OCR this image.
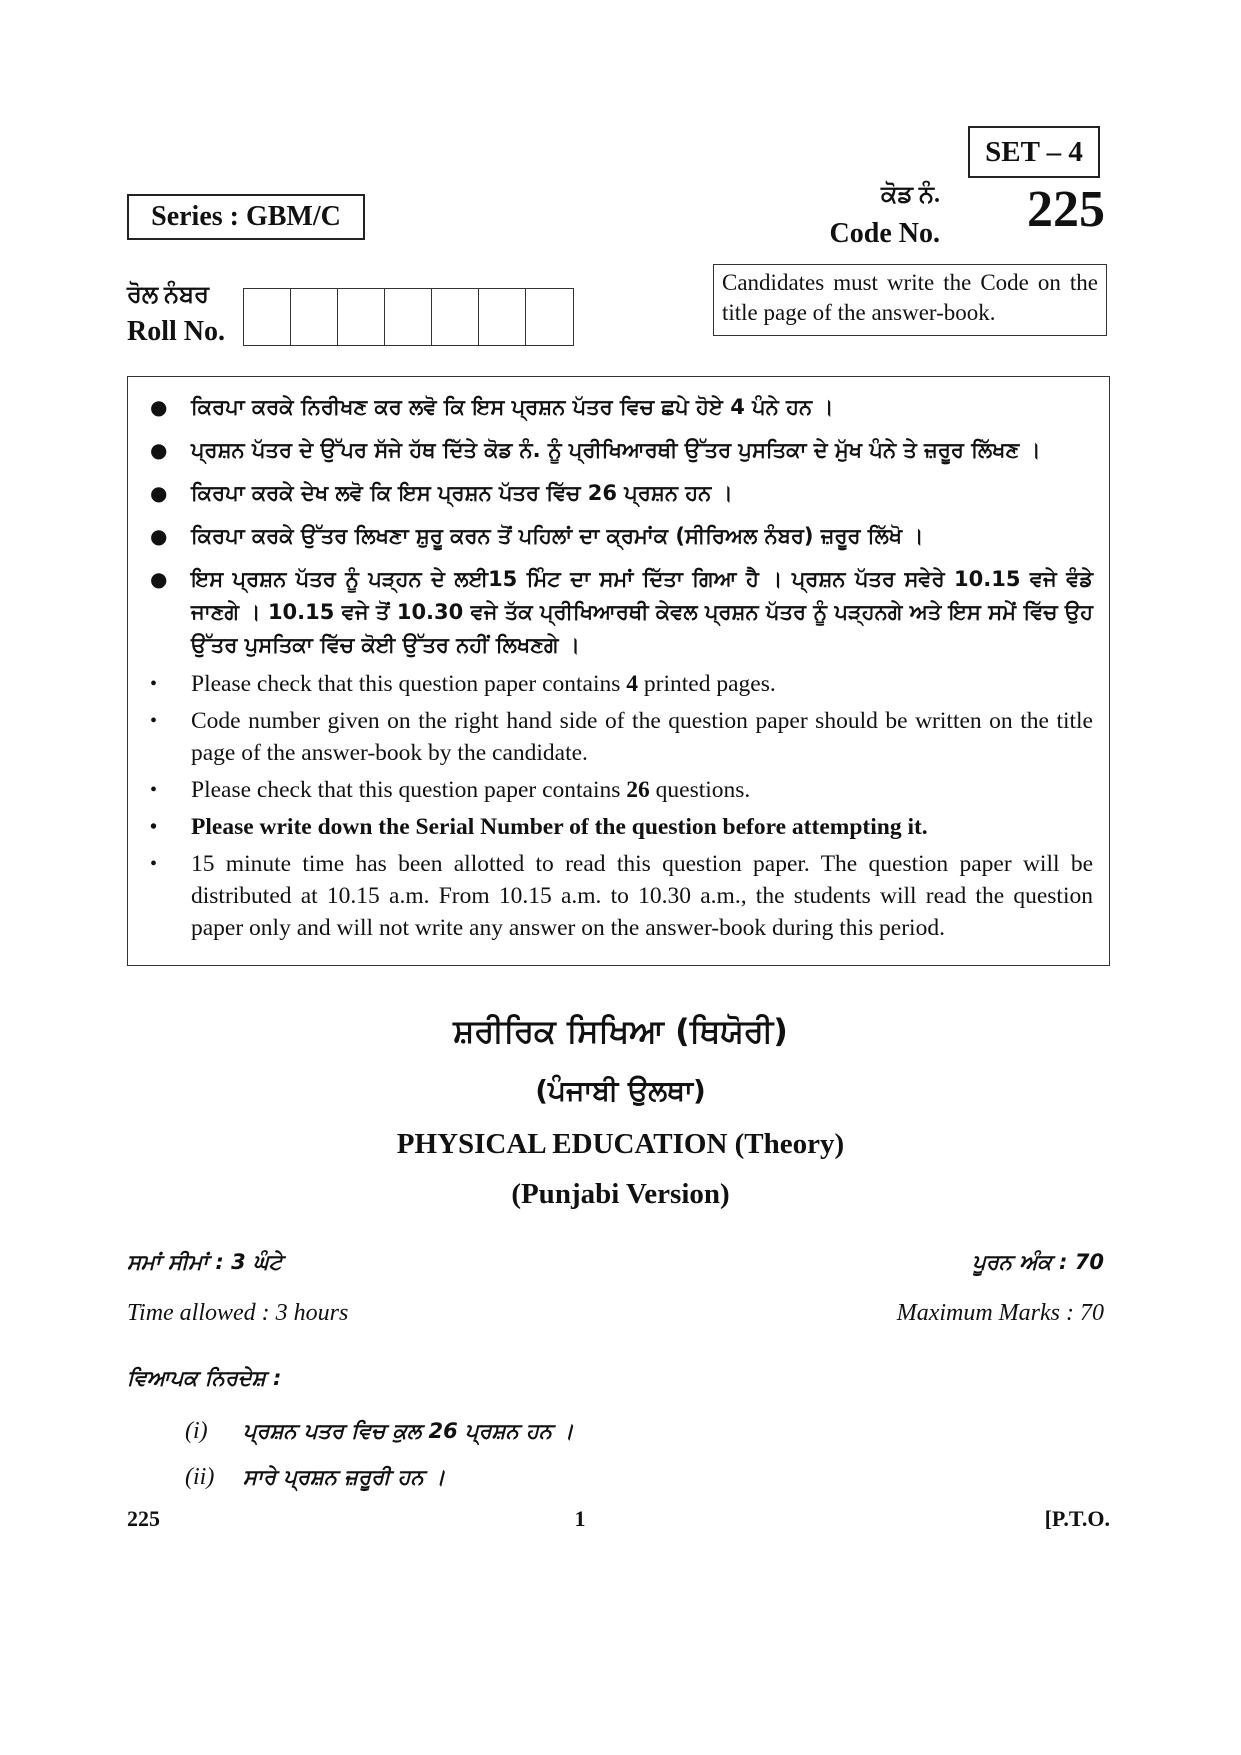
SET – 4
Series : GBM/C
ਕੋਡ ਨੰ.
Code No.	225
Candidates must write the Code on the title page of the answer-book.
ਰੋਲ ਨੰਬਰ
Roll No.
● ਕਿਰਪਾ ਕਰਕੇ ਨਿਰੀਖਣ ਕਰ ਲਵੋ ਕਿ ਇਸ ਪ੍ਰਸ਼ਨ ਪੱਤਰ ਵਿਚ ਛਪੇ ਹੋਏ 4 ਪੰਨੇ ਹਨ ।
● ਪ੍ਰਸ਼ਨ ਪੱਤਰ ਦੇ ਉੱਪਰ ਸੱਜੇ ਹੱਥ ਦਿੱਤੇ ਕੋਡ ਨੰ. ਨੂੰ ਪ੍ਰੀਖਿਆਰਥੀ ਉੱਤਰ ਪੁਸਤਿਕਾ ਦੇ ਮੁੱਖ ਪੰਨੇ ਤੇ ਜ਼ਰੂਰ ਲਿੱਖਣ ।
● ਕਿਰਪਾ ਕਰਕੇ ਦੇਖ ਲਵੋ ਕਿ ਇਸ ਪ੍ਰਸ਼ਨ ਪੱਤਰ ਵਿੱਚ 26 ਪ੍ਰਸ਼ਨ ਹਨ ।
● ਕਿਰਪਾ ਕਰਕੇ ਉੱਤਰ ਲਿਖਣਾ ਸ਼ੁਰੂ ਕਰਨ ਤੋਂ ਪਹਿਲਾਂ ਦਾ ਕ੍ਰਮਾਂਕ (ਸੀਰਿਅਲ ਨੰਬਰ) ਜ਼ਰੂਰ ਲਿੱਖੋ ।
● ਇਸ ਪ੍ਰਸ਼ਨ ਪੱਤਰ ਨੂੰ ਪੜ੍ਹਨ ਦੇ ਲਈ15 ਮਿੰਟ ਦਾ ਸਮਾਂ ਦਿੱਤਾ ਗਿਆ ਹੈ । ਪ੍ਰਸ਼ਨ ਪੱਤਰ ਸਵੇਰੇ 10.15 ਵਜੇ ਵੰਡੇ ਜਾਣਗੇ । 10.15 ਵਜੇ ਤੋਂ 10.30 ਵਜੇ ਤੱਕ ਪ੍ਰੀਖਿਆਰਥੀ ਕੇਵਲ ਪ੍ਰਸ਼ਨ ਪੱਤਰ ਨੂੰ ਪੜ੍ਹਨਗੇ ਅਤੇ ਇਸ ਸਮੇਂ ਵਿੱਚ ਉਹ ਉੱਤਰ ਪੁਸਤਿਕਾ ਵਿੱਚ ਕੋਈ ਉੱਤਰ ਨਹੀਂ ਲਿਖਣਗੇ ।
• Please check that this question paper contains 4 printed pages.
• Code number given on the right hand side of the question paper should be written on the title page of the answer-book by the candidate.
• Please check that this question paper contains 26 questions.
• Please write down the Serial Number of the question before attempting it.
• 15 minute time has been allotted to read this question paper. The question paper will be distributed at 10.15 a.m. From 10.15 a.m. to 10.30 a.m., the students will read the question paper only and will not write any answer on the answer-book during this period.
ਸ਼ਰੀਰਿਕ ਸਿਖਿਆ (ਥਿਯੋਰੀ)
(ਪੰਜਾਬੀ ਉਲਥਾ)
PHYSICAL EDUCATION (Theory)
(Punjabi Version)
ਸਮਾਂ ਸੀਮਾਂ : 3 ਘੰਟੇ	ਪੂਰਨ ਅੰਕ : 70
Time allowed : 3 hours	Maximum Marks : 70
ਵਿਆਪਕ ਨਿਰਦੇਸ਼ :
(i) ਪ੍ਰਸ਼ਨ ਪਤਰ ਵਿਚ ਕੁਲ 26 ਪ੍ਰਸ਼ਨ ਹਨ ।
(ii) ਸਾਰੇ ਪ੍ਰਸ਼ਨ ਜ਼ਰੂਰੀ ਹਨ ।
225	1	[P.T.O.
